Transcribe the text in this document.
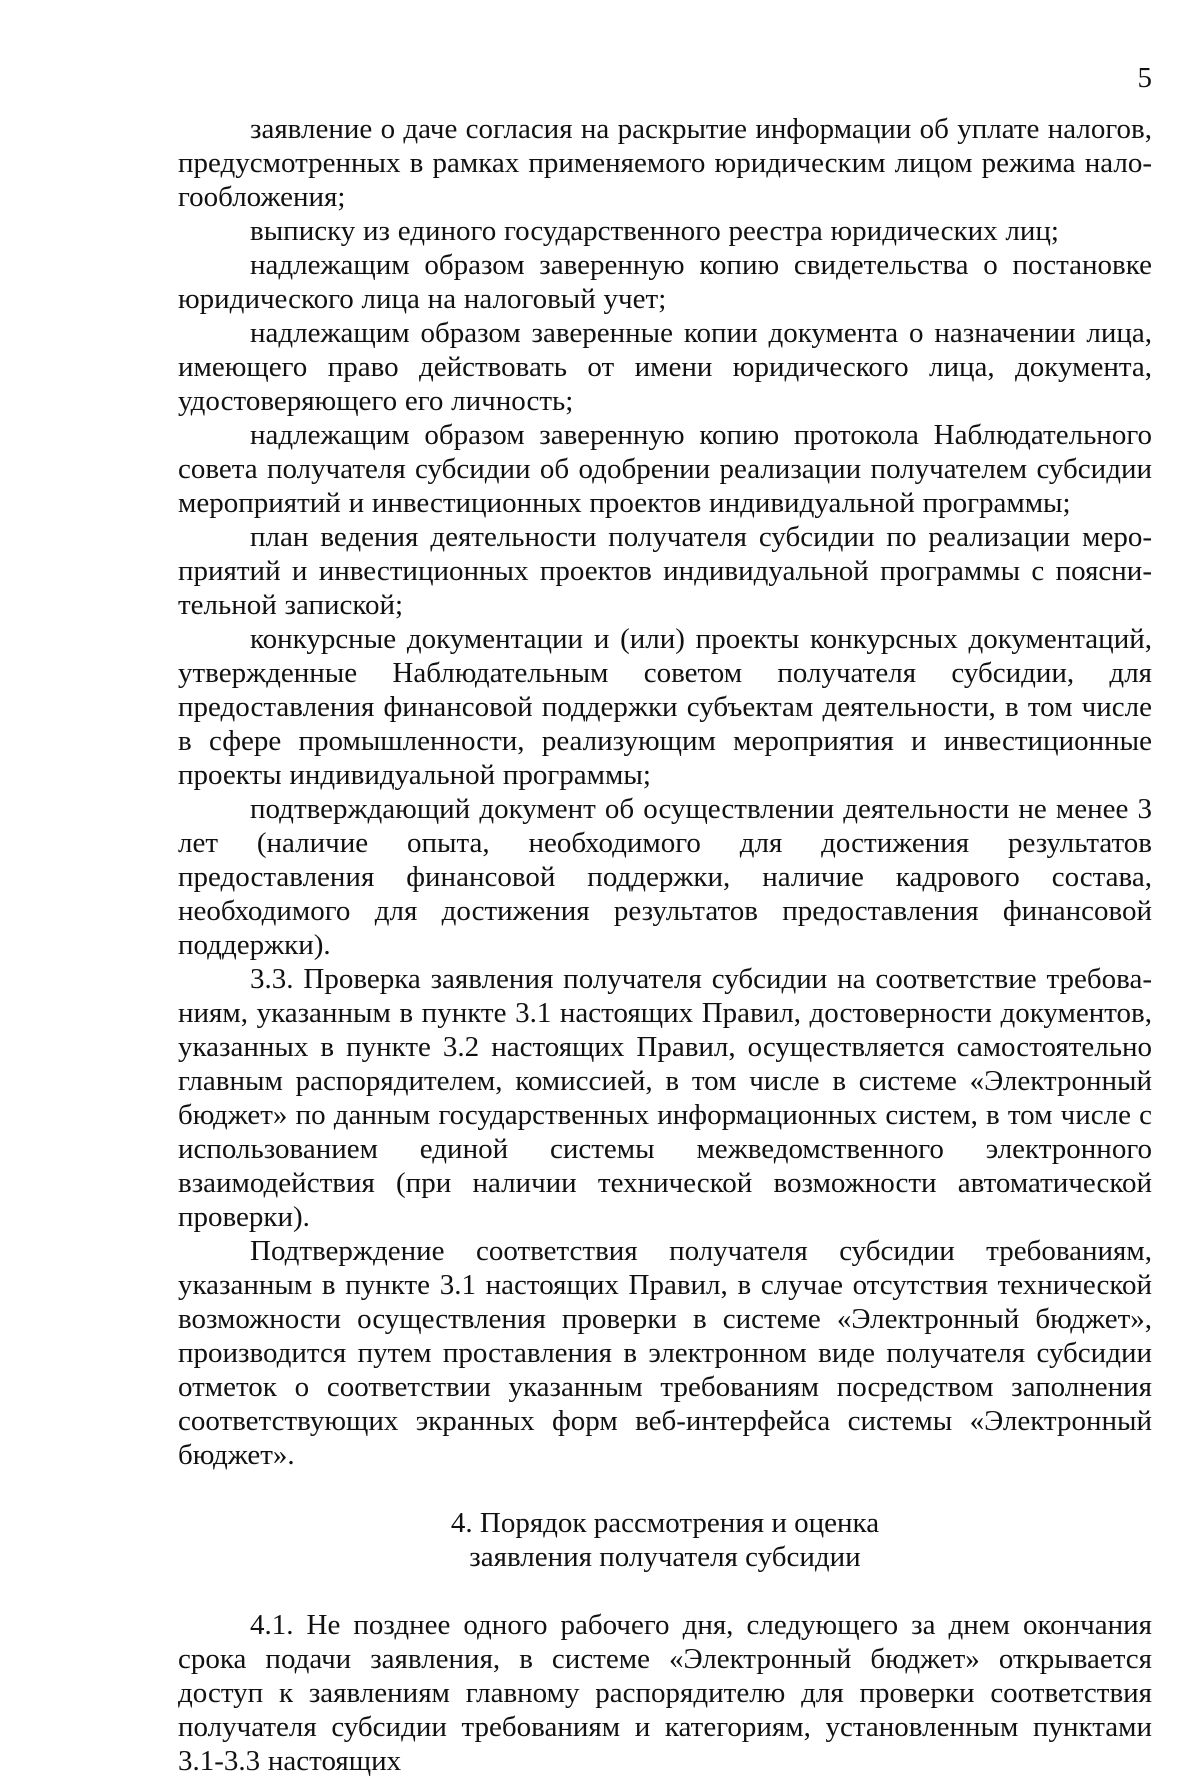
5

заявление о даче согласия на раскрытие информации об уплате налогов, предусмотренных в рамках применяемого юридическим лицом режима налогообложения;

выписку из единого государственного реестра юридических лиц;

надлежащим образом заверенную копию свидетельства о постановке юридического лица на налоговый учет;

надлежащим образом заверенные копии документа о назначении лица, имеющего право действовать от имени юридического лица, документа, удостоверяющего его личность;

надлежащим образом заверенную копию протокола Наблюдательного совета получателя субсидии об одобрении реализации получателем субсидии мероприятий и инвестиционных проектов индивидуальной программы;

план ведения деятельности получателя субсидии по реализации мероприятий и инвестиционных проектов индивидуальной программы с пояснительной запиской;

конкурсные документации и (или) проекты конкурсных документаций, утвержденные Наблюдательным советом получателя субсидии, для предоставления финансовой поддержки субъектам деятельности, в том числе в сфере промышленности, реализующим мероприятия и инвестиционные проекты индивидуальной программы;

подтверждающий документ об осуществлении деятельности не менее 3 лет (наличие опыта, необходимого для достижения результатов предоставления финансовой поддержки, наличие кадрового состава, необходимого для достижения результатов предоставления финансовой поддержки).

3.3. Проверка заявления получателя субсидии на соответствие требованиям, указанным в пункте 3.1 настоящих Правил, достоверности документов, указанных в пункте 3.2 настоящих Правил, осуществляется самостоятельно главным распорядителем, комиссией, в том числе в системе «Электронный бюджет» по данным государственных информационных систем, в том числе с использованием единой системы межведомственного электронного взаимодействия (при наличии технической возможности автоматической проверки).

Подтверждение соответствия получателя субсидии требованиям, указанным в пункте 3.1 настоящих Правил, в случае отсутствия технической возможности осуществления проверки в системе «Электронный бюджет», производится путем проставления в электронном виде получателя субсидии отметок о соответствии указанным требованиям посредством заполнения соответствующих экранных форм веб-интерфейса системы «Электронный бюджет».

4. Порядок рассмотрения и оценка
заявления получателя субсидии

4.1. Не позднее одного рабочего дня, следующего за днем окончания срока подачи заявления, в системе «Электронный бюджет» открывается доступ к заявлениям главному распорядителю для проверки соответствия получателя субсидии требованиям и категориям, установленным пунктами 3.1-3.3 настоящих
